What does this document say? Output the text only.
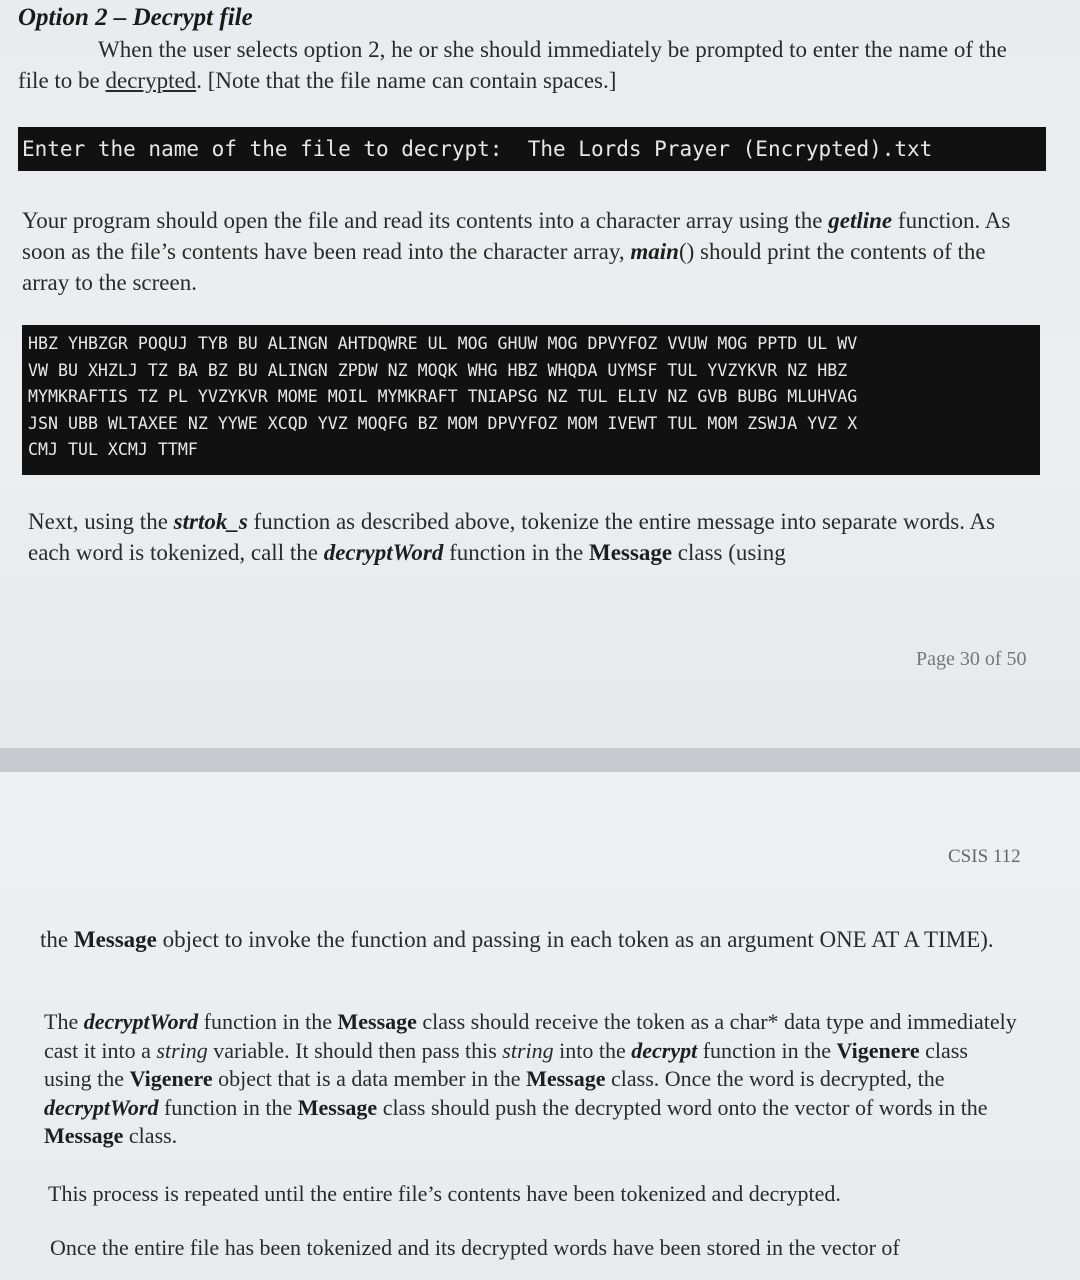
Option 2 – Decrypt file
When the user selects option 2, he or she should immediately be prompted to enter the name of the file to be decrypted. [Note that the file name can contain spaces.]
Enter the name of the file to decrypt:  The Lords Prayer (Encrypted).txt
Your program should open the file and read its contents into a character array using the getline function. As soon as the file’s contents have been read into the character array, main() should print the contents of the array to the screen.
HBZ YHBZGR POQUJ TYB BU ALINGN AHTDQWRE UL MOG GHUW MOG DPVYFOZ VVUW MOG PPTD UL WV
VW BU XHZLJ TZ BA BZ BU ALINGN ZPDW NZ MOQK WHG HBZ WHQDA UYMSF TUL YVZYKVR NZ HBZ
MYMKRAFTIS TZ PL YVZYKVR MOME MOIL MYMKRAFT TNIAPSG NZ TUL ELIV NZ GVB BUBG MLUHVAG
JSN UBB WLTAXEE NZ YYWE XCQD YVZ MOQFG BZ MOM DPVYFOZ MOM IVEWT TUL MOM ZSWJA YVZ X
CMJ TUL XCMJ TTMF
Next, using the strtok_s function as described above, tokenize the entire message into separate words. As each word is tokenized, call the decryptWord function in the Message class (using
Page 30 of 50
CSIS 112
the Message object to invoke the function and passing in each token as an argument ONE AT A TIME).
The decryptWord function in the Message class should receive the token as a char* data type and immediately cast it into a string variable. It should then pass this string into the decrypt function in the Vigenere class using the Vigenere object that is a data member in the Message class. Once the word is decrypted, the decryptWord function in the Message class should push the decrypted word onto the vector of words in the Message class.
This process is repeated until the entire file’s contents have been tokenized and decrypted.
Once the entire file has been tokenized and its decrypted words have been stored in the vector of
